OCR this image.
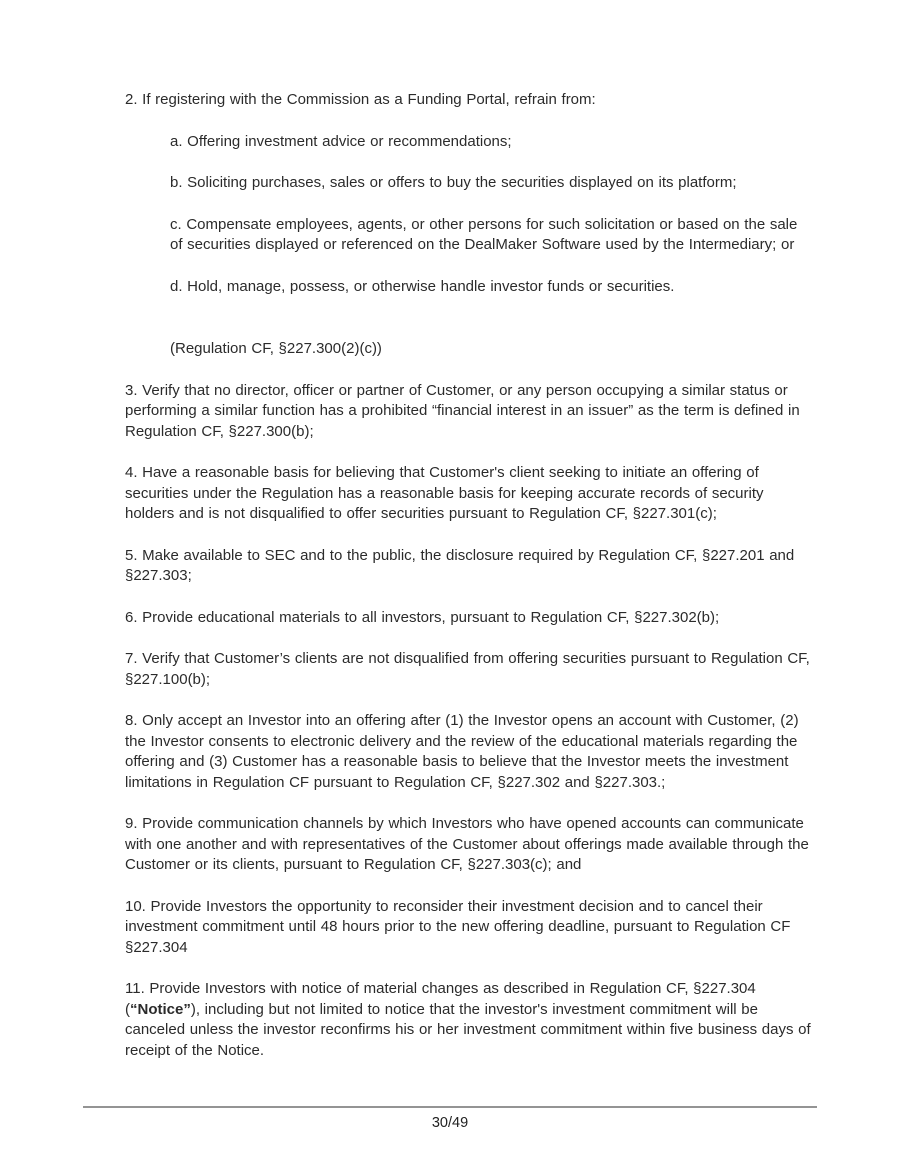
2. If registering with the Commission as a Funding Portal, refrain from:

a. Offering investment advice or recommendations;

b. Soliciting purchases, sales or offers to buy the securities displayed on its platform;

c. Compensate employees, agents, or other persons for such solicitation or based on the sale of securities displayed or referenced on the DealMaker Software used by the Intermediary; or

d. Hold, manage, possess, or otherwise handle investor funds or securities.

(Regulation CF, §227.300(2)(c))

3. Verify that no director, officer or partner of Customer, or any person occupying a similar status or performing a similar function has a prohibited “financial interest in an issuer” as the term is defined in Regulation CF, §227.300(b);

4. Have a reasonable basis for believing that Customer's client seeking to initiate an offering of securities under the Regulation has a reasonable basis for keeping accurate records of security holders and is not disqualified to offer securities pursuant to Regulation CF, §227.301(c);

5. Make available to SEC and to the public, the disclosure required by Regulation CF, §227.201 and §227.303;

6. Provide educational materials to all investors, pursuant to Regulation CF, §227.302(b);

7. Verify that Customer’s clients are not disqualified from offering securities pursuant to Regulation CF, §227.100(b);

8. Only accept an Investor into an offering after (1) the Investor opens an account with Customer, (2) the Investor consents to electronic delivery and the review of the educational materials regarding the offering and (3) Customer has a reasonable basis to believe that the Investor meets the investment limitations in Regulation CF pursuant to Regulation CF, §227.302 and §227.303.;

9. Provide communication channels by which Investors who have opened accounts can communicate with one another and with representatives of the Customer about offerings made available through the Customer or its clients, pursuant to Regulation CF, §227.303(c); and

10. Provide Investors the opportunity to reconsider their investment decision and to cancel their investment commitment until 48 hours prior to the new offering deadline, pursuant to Regulation CF §227.304

11. Provide Investors with notice of material changes as described in Regulation CF, §227.304 (“Notice”), including but not limited to notice that the investor's investment commitment will be canceled unless the investor reconfirms his or her investment commitment within five business days of receipt of the Notice.

30/49
